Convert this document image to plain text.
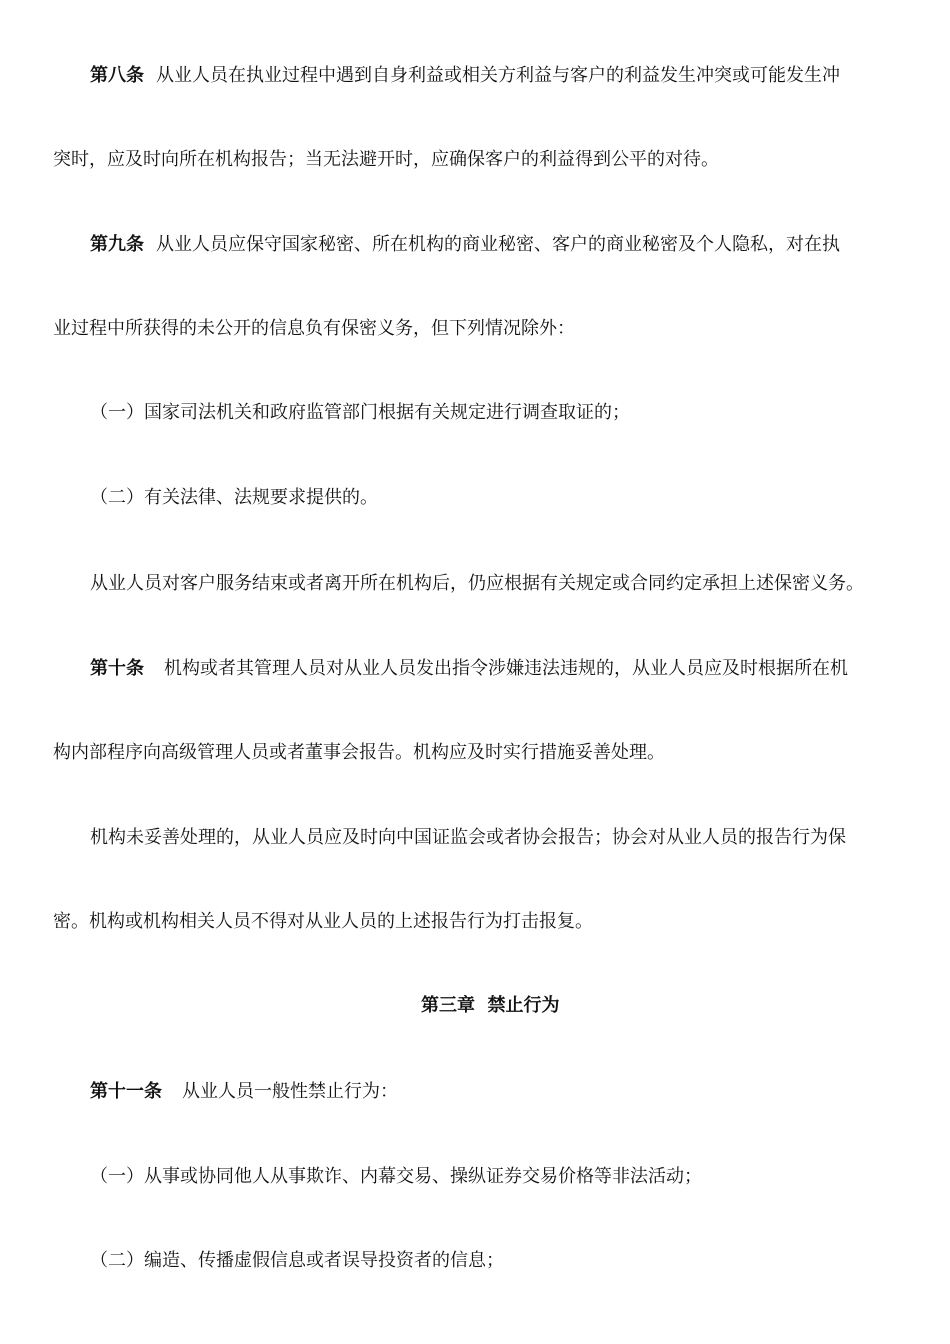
第八条 从业人员在执业过程中遇到自身利益或相关方利益与客户的利益发生冲突或可能发生冲
突时，应及时向所在机构报告；当无法避开时，应确保客户的利益得到公平的对待。
第九条 从业人员应保守国家秘密、所在机构的商业秘密、客户的商业秘密及个人隐私，对在执
业过程中所获得的未公开的信息负有保密义务，但下列情况除外：
（一）国家司法机关和政府监管部门根据有关规定进行调查取证的；
（二）有关法律、法规要求提供的。
从业人员对客户服务结束或者离开所在机构后，仍应根据有关规定或合同约定承担上述保密义务。
第十条 机构或者其管理人员对从业人员发出指令涉嫌违法违规的，从业人员应及时根据所在机
构内部程序向高级管理人员或者董事会报告。机构应及时实行措施妥善处理。
机构未妥善处理的，从业人员应及时向中国证监会或者协会报告；协会对从业人员的报告行为保
密。机构或机构相关人员不得对从业人员的上述报告行为打击报复。
第三章  禁止行为
第十一条 从业人员一般性禁止行为：
（一）从事或协同他人从事欺诈、内幕交易、操纵证券交易价格等非法活动；
（二）编造、传播虚假信息或者误导投资者的信息；
